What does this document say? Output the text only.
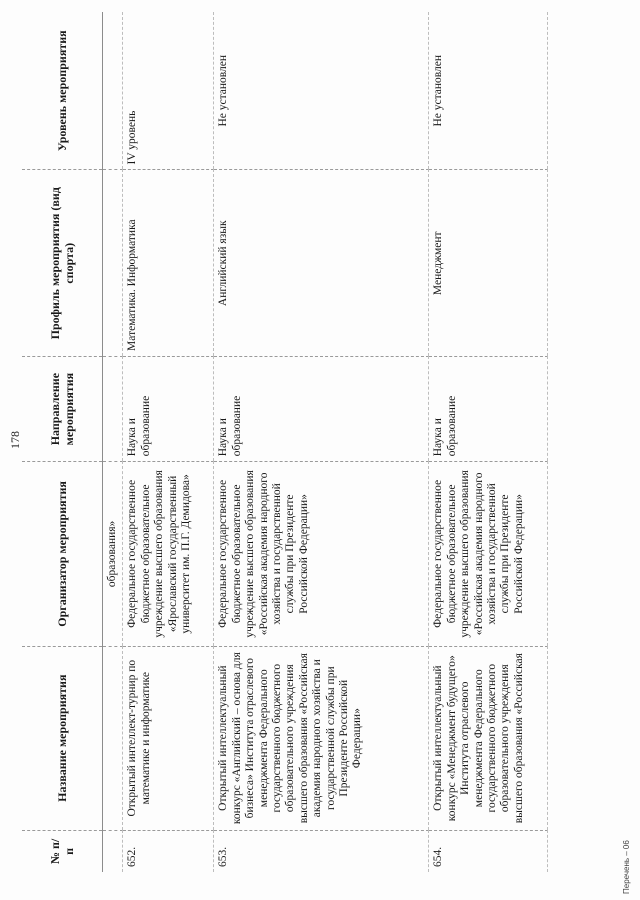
178
№ п/п	Название мероприятия	Организатор мероприятия	Направление мероприятия	Профиль мероприятия (вид спорта)	Уровень мероприятия
		образования»			
652.	Открытый интеллект-турнир по математике и информатике	Федеральное государственное бюджетное образовательное учреждение высшего образования «Ярославский государственный университет им. П.Г. Демидова»	Наука и образование	Математика. Информатика	IV уровень
653.	Открытый интеллектуальный конкурс «Английский – основа для бизнеса» Института отраслевого менеджмента Федерального государственного бюджетного образовательного учреждения высшего образования «Российская академия народного хозяйства и государственной службы при Президенте Российской Федерации»	Федеральное государственное бюджетное образовательное учреждение высшего образования «Российская академия народного хозяйства и государственной службы при Президенте Российской Федерации»	Наука и образование	Английский язык	Не установлен
654.	Открытый интеллектуальный конкурс «Менеджмент будущего» Института отраслевого менеджмента Федерального государственного бюджетного образовательного учреждения высшего образования «Российская	Федеральное государственное бюджетное образовательное учреждение высшего образования «Российская академия народного хозяйства и государственной службы при Президенте Российской Федерации»	Наука и образование	Менеджмент	Не установлен
Перечень – 06
